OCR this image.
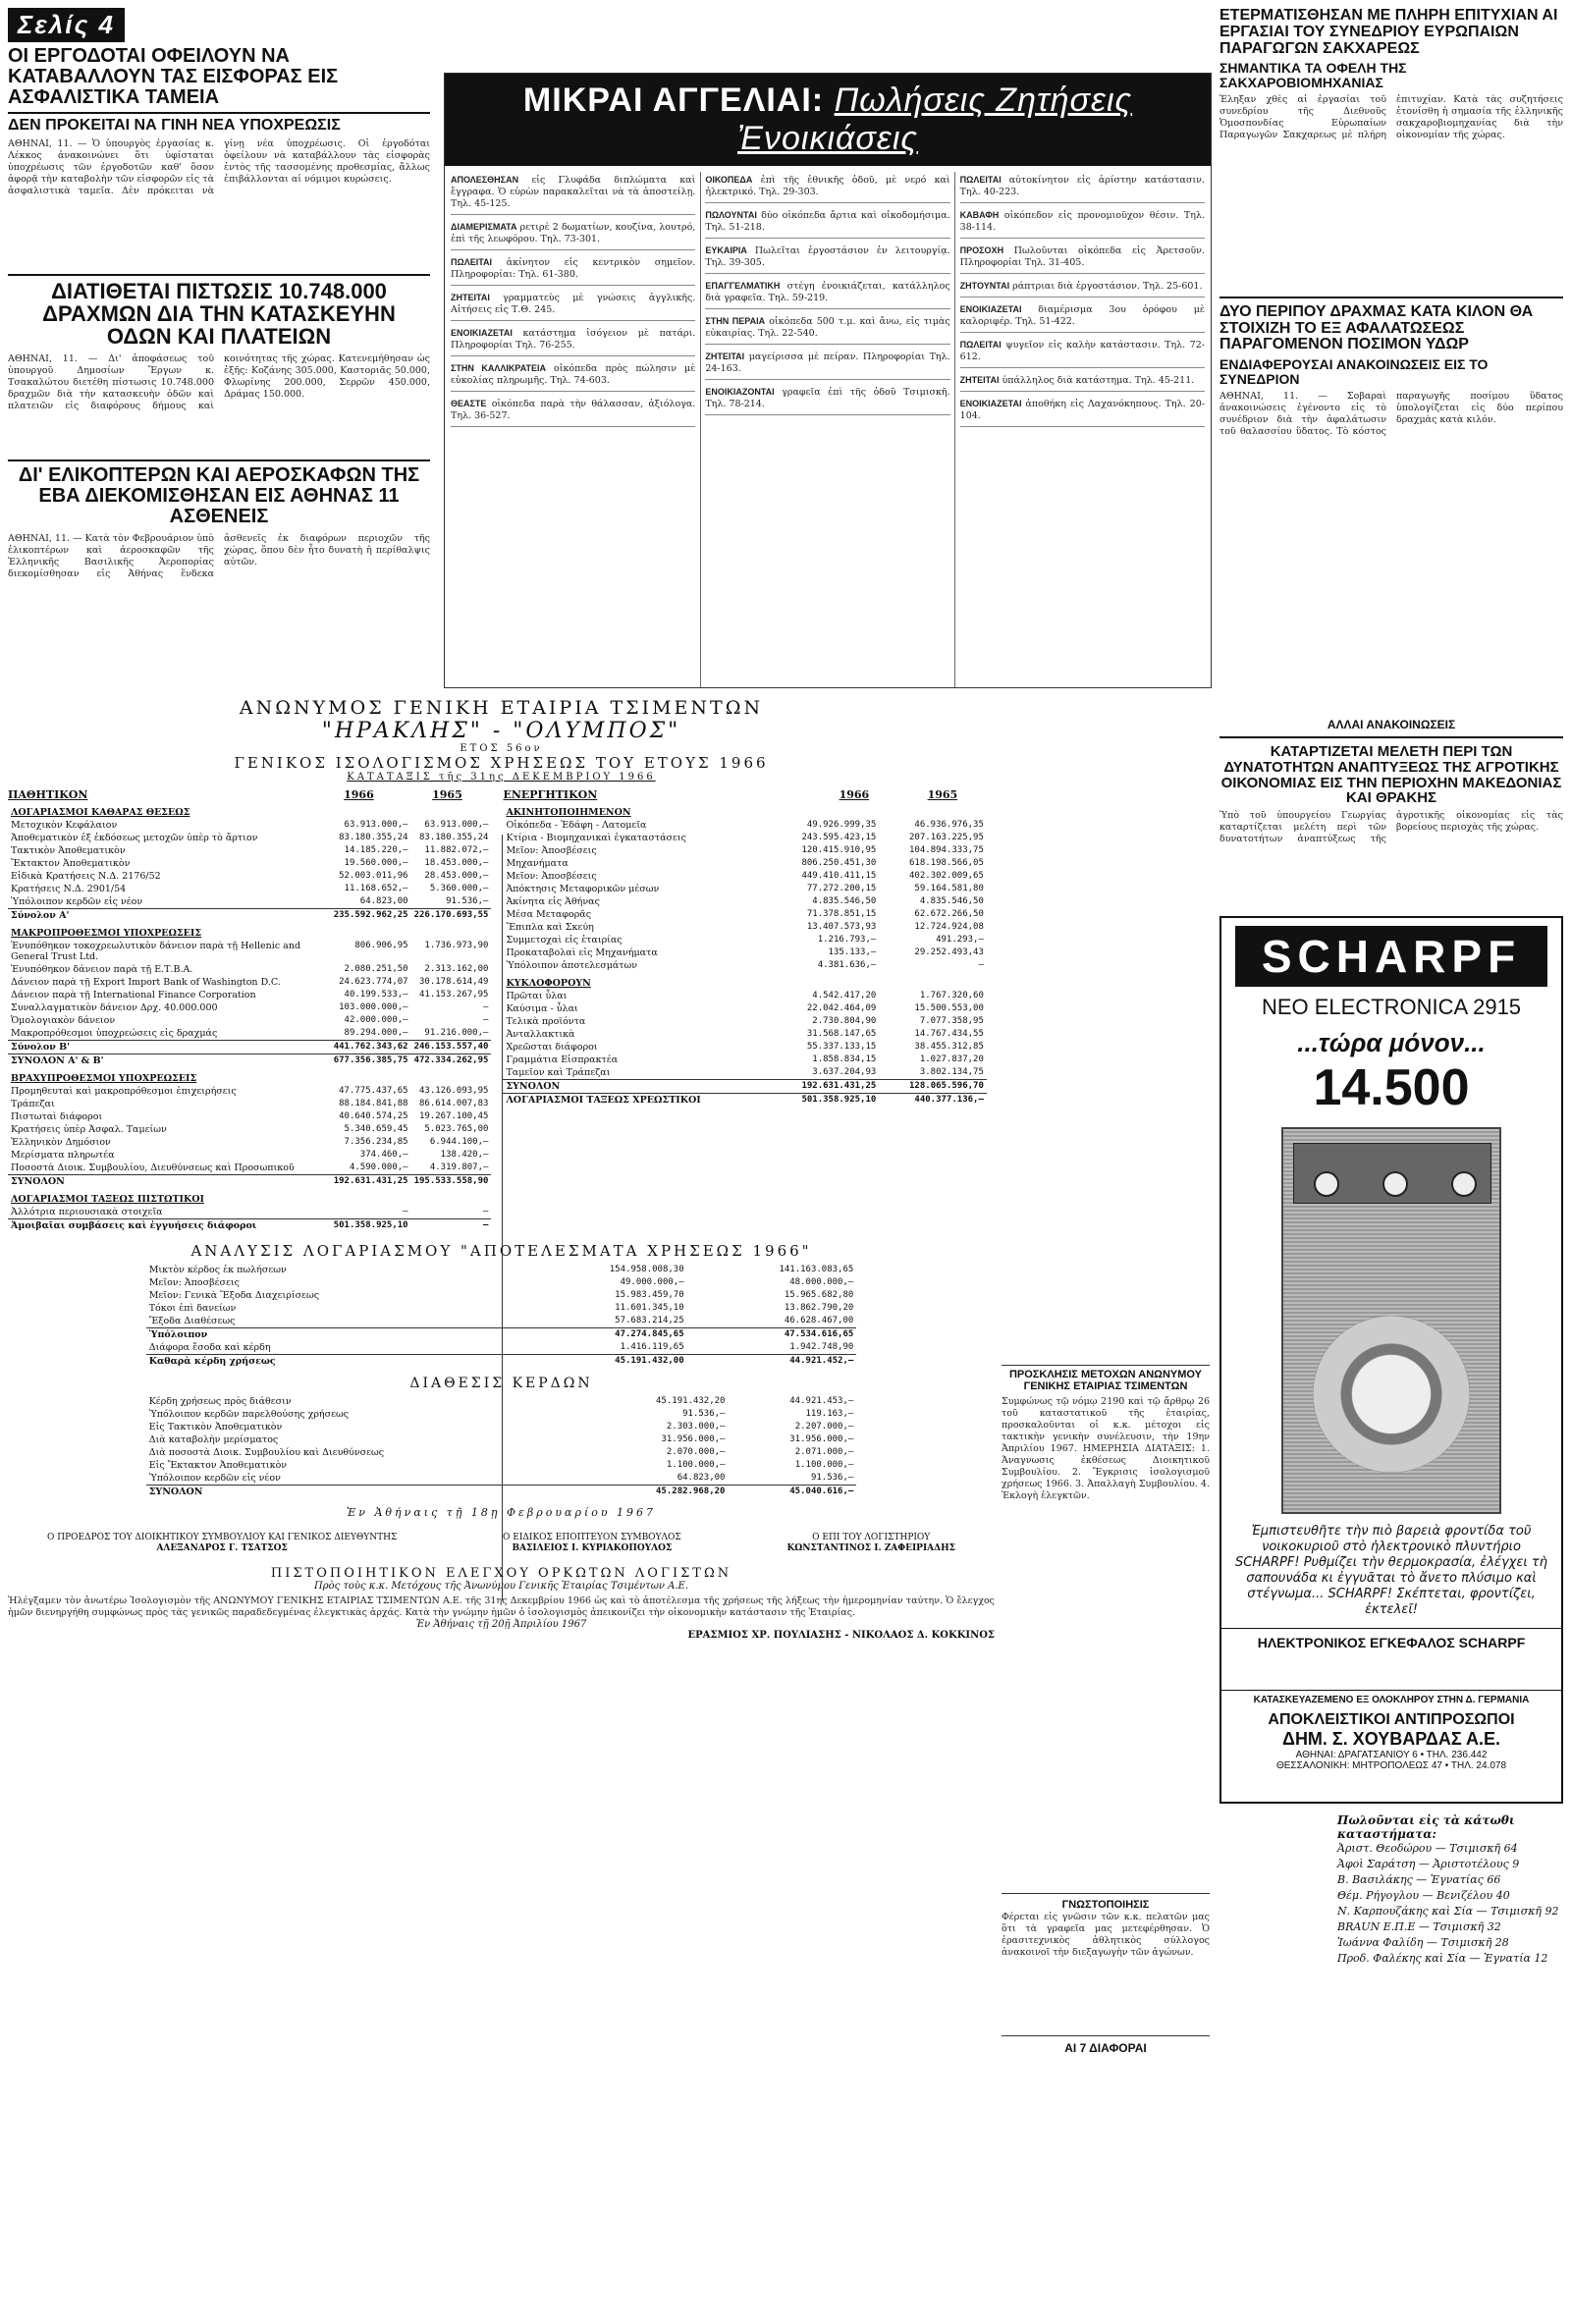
Σελίς 4
ΟΙ ΕΡΓΟΔΟΤΑΙ ΟΦΕΙΛΟΥΝ ΝΑ ΚΑΤΑΒΑΛΛΟΥΝ ΤΑΣ ΕΙΣΦΟΡΑΣ ΕΙΣ ΑΣΦΑΛΙΣΤΙΚΑ ΤΑΜΕΙΑ
ΔΕΝ ΠΡΟΚΕΙΤΑΙ ΝΑ ΓΙΝΗ ΝΕΑ ΥΠΟΧΡΕΩΣΙΣ
ΑΘΗΝΑΙ, 11. — Ὁ ὑπουργὸς ἐργασίας κ. Λέκκος ἀνακοινώνει ὅτι ὑφίσταται ὑποχρέωσις τῶν ἐργοδοτῶν καθ' ὅσον ἀφορᾷ τὴν καταβολὴν τῶν εἰσφορῶν εἰς τὰ ἀσφαλιστικὰ ταμεῖα. Δὲν πρόκειται νὰ γίνῃ νέα ὑποχρέωσις. Οἱ ἐργοδόται ὀφείλουν νὰ καταβάλλουν τὰς εἰσφορὰς ἐντὸς τῆς τασσομένης προθεσμίας, ἄλλως ἐπιβάλλονται αἱ νόμιμοι κυρώσεις.
ΔΙΑΤΙΘΕΤΑΙ ΠΙΣΤΩΣΙΣ 10.748.000 ΔΡΑΧΜΩΝ ΔΙΑ ΤΗΝ ΚΑΤΑΣΚΕΥΗΝ ΟΔΩΝ ΚΑΙ ΠΛΑΤΕΙΩΝ
ΑΘΗΝΑΙ, 11. — Δι' ἀποφάσεως τοῦ ὑπουργοῦ Δημοσίων Ἔργων κ. Τσακαλώτου διετέθη πίστωσις 10.748.000 δραχμῶν διὰ τὴν κατασκευὴν ὁδῶν καὶ πλατειῶν εἰς διαφόρους δήμους καὶ κοινότητας τῆς χώρας. Κατενεμήθησαν ὡς ἑξῆς: Κοζάνης 305.000, Καστοριᾶς 50.000, Φλωρίνης 200.000, Σερρῶν 450.000, Δράμας 150.000.
ΔΙ' ΕΛΙΚΟΠΤΕΡΩΝ ΚΑΙ ΑΕΡΟΣΚΑΦΩΝ ΤΗΣ ΕΒΑ ΔΙΕΚΟΜΙΣΘΗΣΑΝ ΕΙΣ ΑΘΗΝΑΣ 11 ΑΣΘΕΝΕΙΣ
ΑΘΗΝΑΙ, 11. — Κατὰ τὸν Φεβρουάριον ὑπὸ ἐλικοπτέρων καὶ ἀεροσκαφῶν τῆς Ἑλληνικῆς Βασιλικῆς Ἀεροπορίας διεκομίσθησαν εἰς Ἀθήνας ἕνδεκα ἀσθενεῖς ἐκ διαφόρων περιοχῶν τῆς χώρας, ὅπου δὲν ἦτο δυνατὴ ἡ περίθαλψις αὐτῶν.
ΜΙΚΡΑΙ ΑΓΓΕΛΙΑΙ: Πωλήσεις Ζητήσεις Ἐνοικιάσεις
ΑΠΟΛΕΣΘΗΣΑΝ εἰς Γλυφάδα διπλώματα καὶ ἔγγραφα. Ὁ εὑρὼν παρακαλεῖται νὰ τὰ ἀποστείλῃ. Τηλ. 45-125.
ΔΙΑΜΕΡΙΣΜΑΤΑ ρετιρὲ 2 δωματίων, κουζίνα, λουτρό, ἐπὶ τῆς λεωφόρου. Τηλ. 73-301.
ΠΩΛΕΙΤΑΙ ἀκίνητον εἰς κεντρικὸν σημεῖον. Πληροφορίαι: Τηλ. 61-380.
ΖΗΤΕΙΤΑΙ γραμματεὺς μὲ γνώσεις ἀγγλικῆς. Αἰτήσεις εἰς Τ.Θ. 245.
ΕΝΟΙΚΙΑΖΕΤΑΙ κατάστημα ἰσόγειον μὲ πατάρι. Πληροφορίαι Τηλ. 76-255.
ΣΤΗΝ ΚΑΛΛΙΚΡΑΤΕΙΑ οἰκόπεδα πρὸς πώλησιν μὲ εὐκολίας πληρωμῆς. Τηλ. 74-603.
ΘΕΑΣΤΕ οἰκόπεδα παρὰ τὴν θάλασσαν, ἀξιόλογα. Τηλ. 36-527.
ΟΙΚΟΠΕΔΑ ἐπὶ τῆς ἐθνικῆς ὁδοῦ, μὲ νερό καὶ ἠλεκτρικό. Τηλ. 29-303.
ΠΩΛΟΥΝΤΑΙ δύο οἰκόπεδα ἄρτια καὶ οἰκοδομήσιμα. Τηλ. 51-218.
ΕΥΚΑΙΡΙΑ Πωλεῖται ἐργοστάσιον ἐν λειτουργίᾳ. Τηλ. 39-305.
ΕΠΑΓΓΕΛΜΑΤΙΚΗ στέγη ἐνοικιάζεται, κατάλληλος διὰ γραφεῖα. Τηλ. 59-219.
ΣΤΗΝ ΠΕΡΑΙΑ οἰκόπεδα 500 τ.μ. καὶ ἄνω, εἰς τιμὰς εὐκαιρίας. Τηλ. 22-540.
ΖΗΤΕΙΤΑΙ μαγείρισσα μὲ πείραν. Πληροφορίαι Τηλ. 24-163.
ΕΝΟΙΚΙΑΖΟΝΤΑΙ γραφεῖα ἐπὶ τῆς ὁδοῦ Τσιμισκῆ. Τηλ. 78-214.
ΠΩΛΕΙΤΑΙ αὐτοκίνητον εἰς ἀρίστην κατάστασιν. Τηλ. 40-223.
ΚΑΒΑΦΗ οἰκόπεδον εἰς προνομιοῦχον θέσιν. Τηλ. 38-114.
ΠΡΟΣΟΧΗ Πωλοῦνται οἰκόπεδα εἰς Ἀρετσοῦν. Πληροφορίαι Τηλ. 31-405.
ΖΗΤΟΥΝΤΑΙ ράπτριαι διὰ ἐργοστάσιον. Τηλ. 25-601.
ΕΝΟΙΚΙΑΖΕΤΑΙ διαμέρισμα 3ου ὀρόφου μὲ καλοριφέρ. Τηλ. 51-422.
ΠΩΛΕΙΤΑΙ ψυγεῖον εἰς καλὴν κατάστασιν. Τηλ. 72-612.
ΖΗΤΕΙΤΑΙ ὑπάλληλος διὰ κατάστημα. Τηλ. 45-211.
ΕΝΟΙΚΙΑΖΕΤΑΙ ἀποθήκη εἰς Λαχανόκηπους. Τηλ. 20-104.
ΕΤΕΡΜΑΤΙΣΘΗΣΑΝ ΜΕ ΠΛΗΡΗ ΕΠΙΤΥΧΙΑΝ ΑΙ ΕΡΓΑΣΙΑΙ ΤΟΥ ΣΥΝΕΔΡΙΟΥ ΕΥΡΩΠΑΙΩΝ ΠΑΡΑΓΩΓΩΝ ΣΑΚΧΑΡΕΩΣ
ΣΗΜΑΝΤΙΚΑ ΤΑ ΟΦΕΛΗ ΤΗΣ ΣΑΚΧΑΡΟΒΙΟΜΗΧΑΝΙΑΣ
Ἐληξαν χθὲς αἱ ἐργασίαι τοῦ συνεδρίου τῆς Διεθνοῦς Ὁμοσπονδίας Εὐρωπαίων Παραγωγῶν Σακχαρεως μὲ πλήρη ἐπιτυχίαν. Κατὰ τὰς συζητήσεις ἐτονίσθη ἡ σημασία τῆς ἑλληνικῆς σακχαροβιομηχανίας διὰ τὴν οἰκονομίαν τῆς χώρας.
ΔΥΟ ΠΕΡΙΠΟΥ ΔΡΑΧΜΑΣ ΚΑΤΑ ΚΙΛΟΝ ΘΑ ΣΤΟΙΧΙΖΗ ΤΟ ΕΞ ΑΦΑΛΑΤΩΣΕΩΣ ΠΑΡΑΓΟΜΕΝΟΝ ΠΟΣΙΜΟΝ ΥΔΩΡ
ΕΝΔΙΑΦΕΡΟΥΣΑΙ ΑΝΑΚΟΙΝΩΣΕΙΣ ΕΙΣ ΤΟ ΣΥΝΕΔΡΙΟΝ
ΑΘΗΝΑΙ, 11. — Σοβαραὶ ἀνακοινώσεις ἐγένοντο εἰς τὸ συνέδριον διὰ τὴν ἀφαλάτωσιν τοῦ θαλασσίου ὕδατος. Τὸ κόστος παραγωγῆς ποσίμου ὕδατος ὑπολογίζεται εἰς δύο περίπου δραχμὰς κατὰ κιλόν.
ΑΛΛΑΙ ΑΝΑΚΟΙΝΩΣΕΙΣ
ΚΑΤΑΡΤΙΖΕΤΑΙ ΜΕΛΕΤΗ ΠΕΡΙ ΤΩΝ ΔΥΝΑΤΟΤΗΤΩΝ ΑΝΑΠΤΥΞΕΩΣ ΤΗΣ ΑΓΡΟΤΙΚΗΣ ΟΙΚΟΝΟΜΙΑΣ ΕΙΣ ΤΗΝ ΠΕΡΙΟΧΗΝ ΜΑΚΕΔΟΝΙΑΣ ΚΑΙ ΘΡΑΚΗΣ
Ὑπὸ τοῦ ὑπουργείου Γεωργίας καταρτίζεται μελέτη περὶ τῶν δυνατοτήτων ἀναπτύξεως τῆς ἀγροτικῆς οἰκονομίας εἰς τὰς βορείους περιοχὰς τῆς χώρας.
SCHARPF
ΝΕΟ ELECTRONICA 2915
...τώρα μόνον...
14.500
Ἐμπιστευθῆτε τὴν πιὸ βαρειὰ φροντίδα τοῦ νοικοκυριοῦ στὸ ἠλεκτρονικὸ πλυντήριο SCHARPF! Ρυθμίζει τὴν θερμοκρασία, ἐλέγχει τὴ σαπουνάδα κι ἐγγυᾶται τὸ ἄνετο πλύσιμο καὶ στέγνωμα... SCHARPF! Σκέπτεται, φροντίζει, ἐκτελεῖ!
ΗΛΕΚΤΡΟΝΙΚΟΣ ΕΓΚΕΦΑΛΟΣ SCHARPF
ΚΑΤΑΣΚΕΥΑΖΕΜΕΝΟ ΕΞ ΟΛΟΚΛΗΡΟΥ ΣΤΗΝ Δ. ΓΕΡΜΑΝΙΑ
ΑΠΟΚΛΕΙΣΤΙΚΟΙ ΑΝΤΙΠΡΟΣΩΠΟΙ
ΔΗΜ. Σ. ΧΟΥΒΑΡΔΑΣ Α.Ε.
ΑΘΗΝΑΙ: ΔΡΑΓΑΤΣΑΝΙΟΥ 6 • ΤΗΛ. 236.442
ΘΕΣΣΑΛΟΝΙΚΗ: ΜΗΤΡΟΠΟΛΕΩΣ 47 • ΤΗΛ. 24.078
Πωλοῦνται εἰς τὰ κάτωθι καταστήματα:
Ἀριστ. Θεοδώρου — Τσιμισκῆ 64
Ἀφοὶ Σαράτση — Ἀριστοτέλους 9
Β. Βασιλάκης — Ἐγνατίας 66
Θέμ. Ρήγογλου — Βενιζέλου 40
Ν. Καρπουζάκης καὶ Σία — Τσιμισκῆ 92
BRAUN E.П.E — Τσιμισκῆ 32
Ἰωάννα Φαλίδη — Τσιμισκῆ 28
Προδ. Φαλέκης καὶ Σία — Ἐγνατία 12
ΠΡΟΣΚΛΗΣΙΣ ΜΕΤΟΧΩΝ ΑΝΩΝΥΜΟΥ ΓΕΝΙΚΗΣ ΕΤΑΙΡΙΑΣ ΤΣΙΜΕΝΤΩΝ
Συμφώνως τῷ νόμῳ 2190 καὶ τῷ ἄρθρῳ 26 τοῦ καταστατικοῦ τῆς ἑταιρίας, προσκαλοῦνται οἱ κ.κ. μέτοχοι εἰς τακτικὴν γενικὴν συνέλευσιν, τὴν 19ην Ἀπριλίου 1967. ΗΜΕΡΗΣΙΑ ΔΙΑΤΑΞΙΣ: 1. Ἀναγνωσις ἐκθέσεως Διοικητικοῦ Συμβουλίου. 2. Ἔγκρισις ἰσολογισμοῦ χρήσεως 1966. 3. Ἀπαλλαγὴ Συμβουλίου. 4. Ἐκλογὴ ἐλεγκτῶν.
ΓΝΩΣΤΟΠΟΙΗΣΙΣ
Φέρεται εἰς γνῶσιν τῶν κ.κ. πελατῶν μας ὅτι τὰ γραφεῖα μας μετεφέρθησαν. Ὁ ἐρασιτεχνικὸς ἀθλητικὸς σύλλογος ἀνακοινοῖ τὴν διεξαγωγὴν τῶν ἀγώνων.
ΑΙ 7 ΔΙΑΦΟΡΑΙ
ΑΝΩΝΥΜΟΣ ΓΕΝΙΚΗ ΕΤΑΙΡΙΑ ΤΣΙΜΕΝΤΩΝ
"ΗΡΑΚΛΗΣ" - "ΟΛΥΜΠΟΣ"
ΕΤΟΣ 56ον
ΓΕΝΙΚΟΣ ΙΣΟΛΟΓΙΣΜΟΣ ΧΡΗΣΕΩΣ ΤΟΥ ΕΤΟΥΣ 1966
ΚΑΤΑΤΑΞΙΣ τῆς 31ης ΔΕΚΕΜΒΡΙΟΥ 1966
ΠΑΘΗΤΙΚΟΝ	1966	1965
ΛΟΓΑΡΙΑΣΜΟΙ ΚΑΘΑΡΑΣ ΘΕΣΕΩΣ		
Μετοχικὸν Κεφάλαιον	63.913.000,—	63.913.000,—
Ἀποθεματικὸν ἐξ ἐκδόσεως μετοχῶν ὑπὲρ τὸ ἄρτιον	83.180.355,24	83.180.355,24
Τακτικὸν Ἀποθεματικὸν	14.185.220,—	11.882.072,—
Ἔκτακτον Ἀποθεματικὸν	19.560.000,—	18.453.000,—
Εἰδικὰ Κρατήσεις Ν.Δ. 2176/52	52.003.011,96	28.453.000,—
Κρατήσεις Ν.Δ. 2901/54	11.168.652,—	5.360.000,—
Ὑπόλοιπον κερδῶν εἰς νέον	64.823,00	91.536,—
Σύνολον Α'	235.592.962,25	226.170.693,55
ΜΑΚΡΟΠΡΟΘΕΣΜΟΙ ΥΠΟΧΡΕΩΣΕΙΣ		
Ἐνυπόθηκον τοκοχρεωλυτικὸν δάνειον παρὰ τῇ Hellenic and General Trust Ltd.	806.906,95	1.736.973,90
Ἐνυπόθηκον δάνειον παρὰ τῇ Ε.Τ.Β.Α.	2.080.251,50	2.313.162,00
Δάνειον παρὰ τῇ Export Import Bank of Washington D.C.	24.623.774,07	30.178.614,49
Δάνειον παρὰ τῇ International Finance Corporation	40.199.533,—	41.153.267,95
Συναλλαγματικὸν δάνειον Δρχ. 40.000.000	103.000.000,—	—
Ὁμολογιακὸν δάνειον	42.000.000,—	—
Μακροπρόθεσμοι ὑποχρεώσεις εἰς δραχμάς	89.294.000,—	91.216.000,—
Σύνολον Β'	441.762.343,62	246.153.557,40
ΣΥΝΟΛΟΝ Α' & Β'	677.356.385,75	472.334.262,95
ΒΡΑΧΥΠΡΟΘΕΣΜΟΙ ΥΠΟΧΡΕΩΣΕΙΣ		
Προμηθευταὶ καὶ μακροπρόθεσμοι ἐπιχειρήσεις	47.775.437,65	43.126.093,95
Τράπεζαι	88.184.841,88	86.614.007,83
Πιστωταὶ διάφοροι	40.640.574,25	19.267.100,45
Κρατήσεις ὑπὲρ Ἀσφαλ. Ταμείων	5.340.659,45	5.023.765,00
Ἑλληνικὸν Δημόσιον	7.356.234,85	6.944.100,—
Μερίσματα πληρωτέα	374.460,—	138.420,—
Ποσοστὰ Διοικ. Συμβουλίου, Διευθύνσεως καὶ Προσωπικοῦ	4.590.000,—	4.319.807,—
ΣΥΝΟΛΟΝ	192.631.431,25	195.533.558,90
ΛΟΓΑΡΙΑΣΜΟΙ ΤΑΞΕΩΣ ΠΙΣΤΩΤΙΚΟΙ		
Ἀλλότρια περιουσιακὰ στοιχεῖα	—	—
Ἀμοιβαῖαι συμβάσεις καὶ ἐγγυήσεις διάφοροι	501.358.925,10	—
ΕΝΕΡΓΗΤΙΚΟΝ	1966	1965
ΑΚΙΝΗΤΟΠΟΙΗΜΕΝΟΝ		
Οἰκόπεδα - Ἐδάφη - Λατομεῖα	49.926.999,35	46.936.976,35
Κτίρια - Βιομηχανικαὶ ἐγκαταστάσεις	243.595.423,15	207.163.225,95
Μεῖον: Ἀποσβέσεις	120.415.910,95	104.894.333,75
Μηχανήματα	806.250.451,30	618.198.566,05
Μεῖον: Ἀποσβέσεις	449.410.411,15	402.302.009,65
Ἀπόκτησις Μεταφορικῶν μέσων	77.272.200,15	59.164.581,80
Ἀκίνητα εἰς Ἀθήνας	4.835.546,50	4.835.546,50
Μέσα Μεταφορᾶς	71.378.851,15	62.672.266,50
Ἔπιπλα καὶ Σκεύη	13.407.573,93	12.724.924,08
Συμμετοχαὶ εἰς ἑταιρίας	1.216.793,—	491.293,—
Προκαταβολαὶ εἰς Μηχανήματα	135.133,—	29.252.493,43
Ὑπόλοιπον ἀποτελεσμάτων	4.381.636,—	—
ΚΥΚΛΟΦΟΡΟΥΝ		
Πρῶται ὗλαι	4.542.417,20	1.767.320,60
Καύσιμα - ὗλαι	22.042.464,09	15.500.553,00
Τελικὰ προϊόντα	2.730.804,90	7.077.358,95
Ἀνταλλακτικὰ	31.568.147,65	14.767.434,55
Χρεῶσται διάφοροι	55.337.133,15	38.455.312,85
Γραμμάτια Εἰσπρακτέα	1.858.834,15	1.027.837,20
Ταμεῖον καὶ Τράπεζαι	3.637.204,93	3.802.134,75
ΣΥΝΟΛΟΝ	192.631.431,25	128.065.596,70
ΛΟΓΑΡΙΑΣΜΟΙ ΤΑΞΕΩΣ ΧΡΕΩΣΤΙΚΟΙ	501.358.925,10	440.377.136,—
ΑΝΑΛΥΣΙΣ ΛΟΓΑΡΙΑΣΜΟΥ "ΑΠΟΤΕΛΕΣΜΑΤΑ ΧΡΗΣΕΩΣ 1966"
Μικτὸν κέρδος ἐκ πωλήσεων	154.958.008,30	141.163.083,65
Μεῖον: Ἀποσβέσεις	49.000.000,—	48.000.000,—
Μεῖον: Γενικὰ Ἔξοδα Διαχειρίσεως	15.983.459,70	15.965.682,80
Τόκοι ἐπὶ δανείων	11.601.345,10	13.862.790,20
Ἔξοδα Διαθέσεως	57.683.214,25	46.628.467,00
Ὑπόλοιπον	47.274.845,65	47.534.616,65
Διάφορα ἔσοδα καὶ κέρδη	1.416.119,65	1.942.748,90
Καθαρὰ κέρδη χρήσεως	45.191.432,00	44.921.452,—
ΔΙΑΘΕΣΙΣ ΚΕΡΔΩΝ
Κέρδη χρήσεως πρὸς διάθεσιν	45.191.432,20	44.921.453,—
Ὑπόλοιπον κερδῶν παρελθούσης χρήσεως	91.536,—	119.163,—
Εἰς Τακτικὸν Ἀποθεματικὸν	2.303.000,—	2.207.000,—
Διὰ καταβολὴν μερίσματος	31.956.000,—	31.956.000,—
Διὰ ποσοστὰ Διοικ. Συμβουλίου καὶ Διευθύνσεως	2.070.000,—	2.071.000,—
Εἰς Ἔκτακτον Ἀποθεματικὸν	1.100.000,—	1.100.000,—
Ὑπόλοιπον κερδῶν εἰς νέον	64.823,00	91.536,—
ΣΥΝΟΛΟΝ	45.282.968,20	45.040.616,—
Ἐν Ἀθήναις τῇ 18ῃ Φεβρουαρίου 1967
Ο ΠΡΟΕΔΡΟΣ ΤΟΥ ΔΙΟΙΚΗΤΙΚΟΥ ΣΥΜΒΟΥΛΙΟΥ ΚΑΙ ΓΕΝΙΚΟΣ ΔΙΕΥΘΥΝΤΗΣ
ΑΛΕΞΑΝΔΡΟΣ Γ. ΤΣΑΤΣΟΣ
Ο ΕΙΔΙΚΟΣ ΕΠΟΠΤΕΥΟΝ ΣΥΜΒΟΥΛΟΣ
ΒΑΣΙΛΕΙΟΣ Ι. ΚΥΡΙΑΚΟΠΟΥΛΟΣ
Ο ΕΠΙ ΤΟΥ ΛΟΓΙΣΤΗΡΙΟΥ
ΚΩΝΣΤΑΝΤΙΝΟΣ Ι. ΖΑΦΕΙΡΙΑΔΗΣ
ΠΙΣΤΟΠΟΙΗΤΙΚΟΝ ΕΛΕΓΧΟΥ ΟΡΚΩΤΩΝ ΛΟΓΙΣΤΩΝ
Πρὸς τοὺς κ.κ. Μετόχους τῆς Ἀνωνύμου Γενικῆς Ἑταιρίας Τσιμέντων Α.Ε.
Ἠλέγξαμεν τὸν ἀνωτέρω Ἰσολογισμὸν τῆς ΑΝΩΝΥΜΟΥ ΓΕΝΙΚΗΣ ΕΤΑΙΡΙΑΣ ΤΣΙΜΕΝΤΩΝ Α.Ε. τῆς 31ης Δεκεμβρίου 1966 ὡς καὶ τὸ ἀποτέλεσμα τῆς χρήσεως τῆς λήξεως τὴν ἡμερομηνίαν ταύτην. Ὁ ἔλεγχος ἡμῶν διενηργήθη συμφώνως πρὸς τὰς γενικῶς παραδεδεγμένας ἐλεγκτικὰς ἀρχάς. Κατὰ τὴν γνώμην ἡμῶν ὁ ἰσολογισμὸς ἀπεικονίζει τὴν οἰκονομικὴν κατάστασιν τῆς Ἑταιρίας.
Ἐν Ἀθήναις τῇ 20ῇ Ἀπριλίου 1967
ΕΡΑΣΜΙΟΣ ΧΡ. ΠΟΥΛΙΑΣΗΣ - ΝΙΚΟΛΑΟΣ Δ. ΚΟΚΚΙΝΟΣ
